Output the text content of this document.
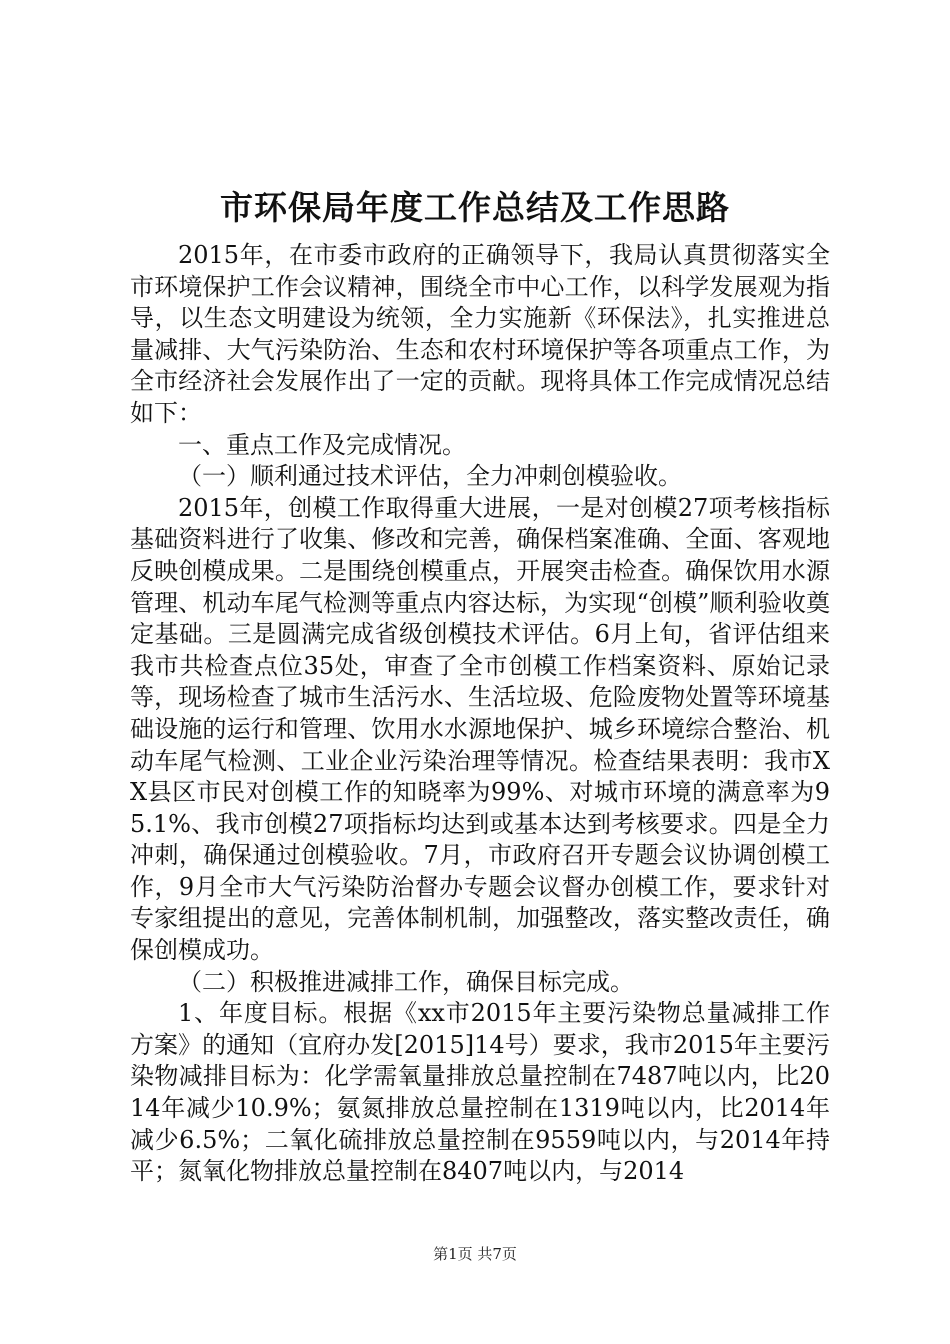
市环保局年度工作总结及工作思路

2015年，在市委市政府的正确领导下，我局认真贯彻落实全市环境保护工作会议精神，围绕全市中心工作，以科学发展观为指导，以生态文明建设为统领，全力实施新《环保法》，扎实推进总量减排、大气污染防治、生态和农村环境保护等各项重点工作，为全市经济社会发展作出了一定的贡献。现将具体工作完成情况总结如下：

一、重点工作及完成情况。

（一）顺利通过技术评估，全力冲刺创模验收。

2015年，创模工作取得重大进展，一是对创模27项考核指标基础资料进行了收集、修改和完善，确保档案准确、全面、客观地反映创模成果。二是围绕创模重点，开展突击检查。确保饮用水源管理、机动车尾气检测等重点内容达标，为实现“创模”顺利验收奠定基础。三是圆满完成省级创模技术评估。6月上旬，省评估组来我市共检查点位35处，审查了全市创模工作档案资料、原始记录等，现场检查了城市生活污水、生活垃圾、危险废物处置等环境基础设施的运行和管理、饮用水水源地保护、城乡环境综合整治、机动车尾气检测、工业企业污染治理等情况。检查结果表明：我市XX县区市民对创模工作的知晓率为99%、对城市环境的满意率为95.1%、我市创模27项指标均达到或基本达到考核要求。四是全力冲刺，确保通过创模验收。7月，市政府召开专题会议协调创模工作，9月全市大气污染防治督办专题会议督办创模工作，要求针对专家组提出的意见，完善体制机制，加强整改，落实整改责任，确保创模成功。

（二）积极推进减排工作，确保目标完成。

1、年度目标。根据《xx市2015年主要污染物总量减排工作方案》的通知（宜府办发[2015]14号）要求，我市2015年主要污染物减排目标为：化学需氧量排放总量控制在7487吨以内，比2014年减少10.9%；氨氮排放总量控制在1319吨以内，比2014年减少6.5%；二氧化硫排放总量控制在9559吨以内，与2014年持平；氮氧化物排放总量控制在8407吨以内，与2014

第1页 共7页
